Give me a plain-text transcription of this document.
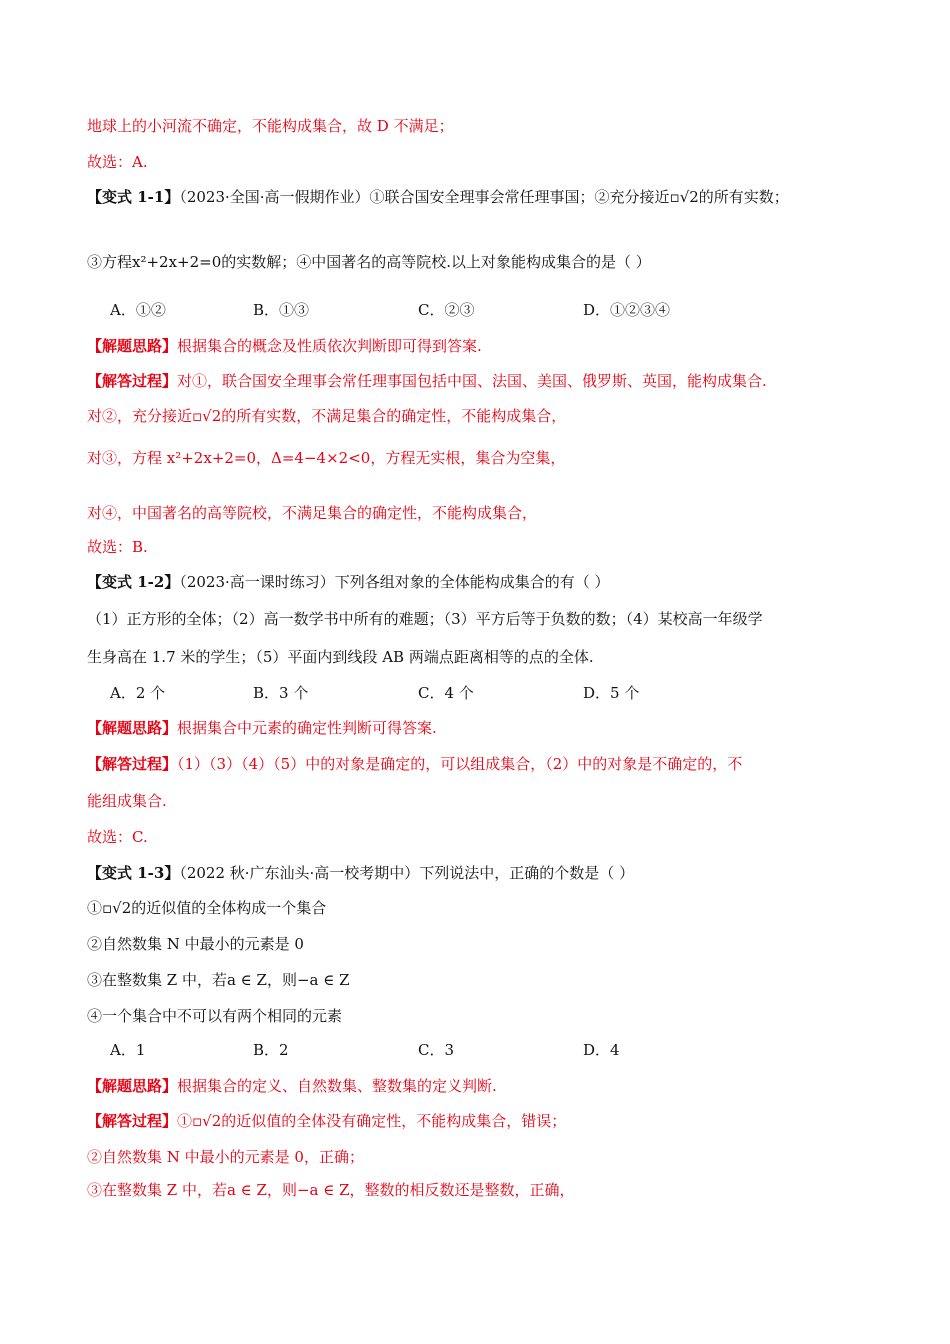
地球上的小河流不确定，不能构成集合，故 D 不满足；
故选：A.
【变式 1-1】（2023·全国·高一假期作业）①联合国安全理事会常任理事国；②充分接近▫√2的所有实数；
③方程x²+2x+2=0的实数解；④中国著名的高等院校.以上对象能构成集合的是（ ）
【解题思路】根据集合的概念及性质依次判断即可得到答案.
【解答过程】对①，联合国安全理事会常任理事国包括中国、法国、美国、俄罗斯、英国，能构成集合.
对②，充分接近▫√2的所有实数，不满足集合的确定性，不能构成集合，
对③，方程 x²+2x+2=0，Δ=4−4×2<0，方程无实根，集合为空集，
对④，中国著名的高等院校，不满足集合的确定性，不能构成集合，
故选：B.
【变式 1-2】（2023·高一课时练习）下列各组对象的全体能构成集合的有（ ）
（1）正方形的全体；（2）高一数学书中所有的难题；（3）平方后等于负数的数；（4）某校高一年级学
生身高在 1.7 米的学生；（5）平面内到线段 AB 两端点距离相等的点的全体.
【解题思路】根据集合中元素的确定性判断可得答案.
【解答过程】（1）（3）（4）（5）中的对象是确定的，可以组成集合，（2）中的对象是不确定的，不
能组成集合.
故选：C.
【变式 1-3】（2022 秋·广东汕头·高一校考期中）下列说法中，正确的个数是（ ）
①▫√2的近似值的全体构成一个集合
②自然数集 N 中最小的元素是 0
③在整数集 Z 中，若a ∈ Z，则−a ∈ Z
④一个集合中不可以有两个相同的元素
【解题思路】根据集合的定义、自然数集、整数集的定义判断.
【解答过程】①▫√2的近似值的全体没有确定性，不能构成集合，错误；
②自然数集 N 中最小的元素是 0，正确；
③在整数集 Z 中，若a ∈ Z，则−a ∈ Z，整数的相反数还是整数，正确，
A．①②	B．①③	C．②③	D．①②③④
A．2 个	B．3 个	C．4 个	D．5 个
A．1	B．2	C．3	D．4
